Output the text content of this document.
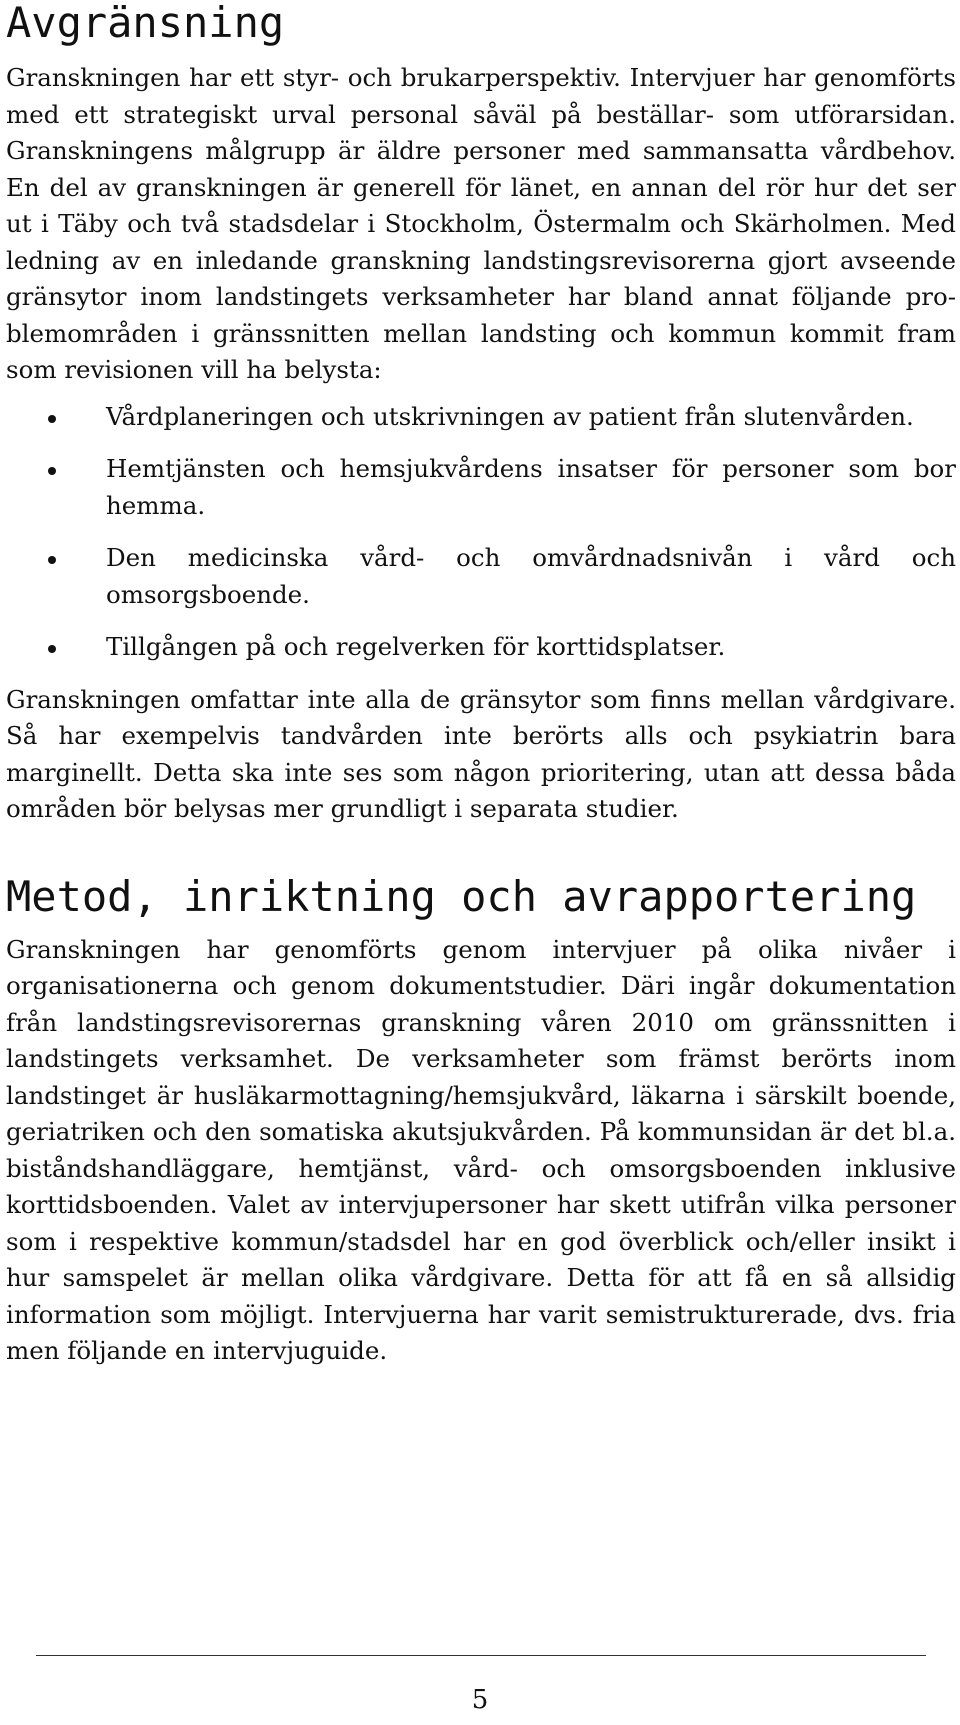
Avgränsning

Granskningen har ett styr- och brukarperspektiv. Intervjuer har genomförts med ett strategiskt urval personal såväl på beställar- som utförarsidan. Granskningens målgrupp är äldre personer med sammansatta vårdbehov. En del av granskningen är generell för länet, en annan del rör hur det ser ut i Täby och två stadsdelar i Stockholm, Östermalm och Skärholmen. Med ledning av en inledande granskning landstingsrevisorerna gjort avseende gränsytor inom landstingets verksamheter har bland annat följande problemområden i gränssnitten mellan landsting och kommun kommit fram som revisionen vill ha belysta:

Vårdplaneringen och utskrivningen av patient från slutenvården.
Hemtjänsten och hemsjukvårdens insatser för personer som bor hemma.
Den medicinska vård- och omvårdnadsnivån i vård och omsorgsboende.
Tillgången på och regelverken för korttidsplatser.

Granskningen omfattar inte alla de gränsytor som finns mellan vårdgivare. Så har exempelvis tandvården inte berörts alls och psykiatrin bara marginellt. Detta ska inte ses som någon prioritering, utan att dessa båda områden bör belysas mer grundligt i separata studier.

Metod, inriktning och avrapportering

Granskningen har genomförts genom intervjuer på olika nivåer i organisationerna och genom dokumentstudier. Däri ingår dokumentation från landstingsrevisorernas granskning våren 2010 om gränssnitten i landstingets verksamhet. De verksamheter som främst berörts inom landstinget är husläkarmottagning/hemsjukvård, läkarna i särskilt boende, geriatriken och den somatiska akutsjukvården. På kommunsidan är det bl.a. biståndshandläggare, hemtjänst, vård- och omsorgsboenden inklusive korttidsboenden. Valet av intervjupersoner har skett utifrån vilka personer som i respektive kommun/stadsdel har en god överblick och/eller insikt i hur samspelet är mellan olika vårdgivare. Detta för att få en så allsidig information som möjligt. Intervjuerna har varit semistrukturerade, dvs. fria men följande en intervjuguide.

5
